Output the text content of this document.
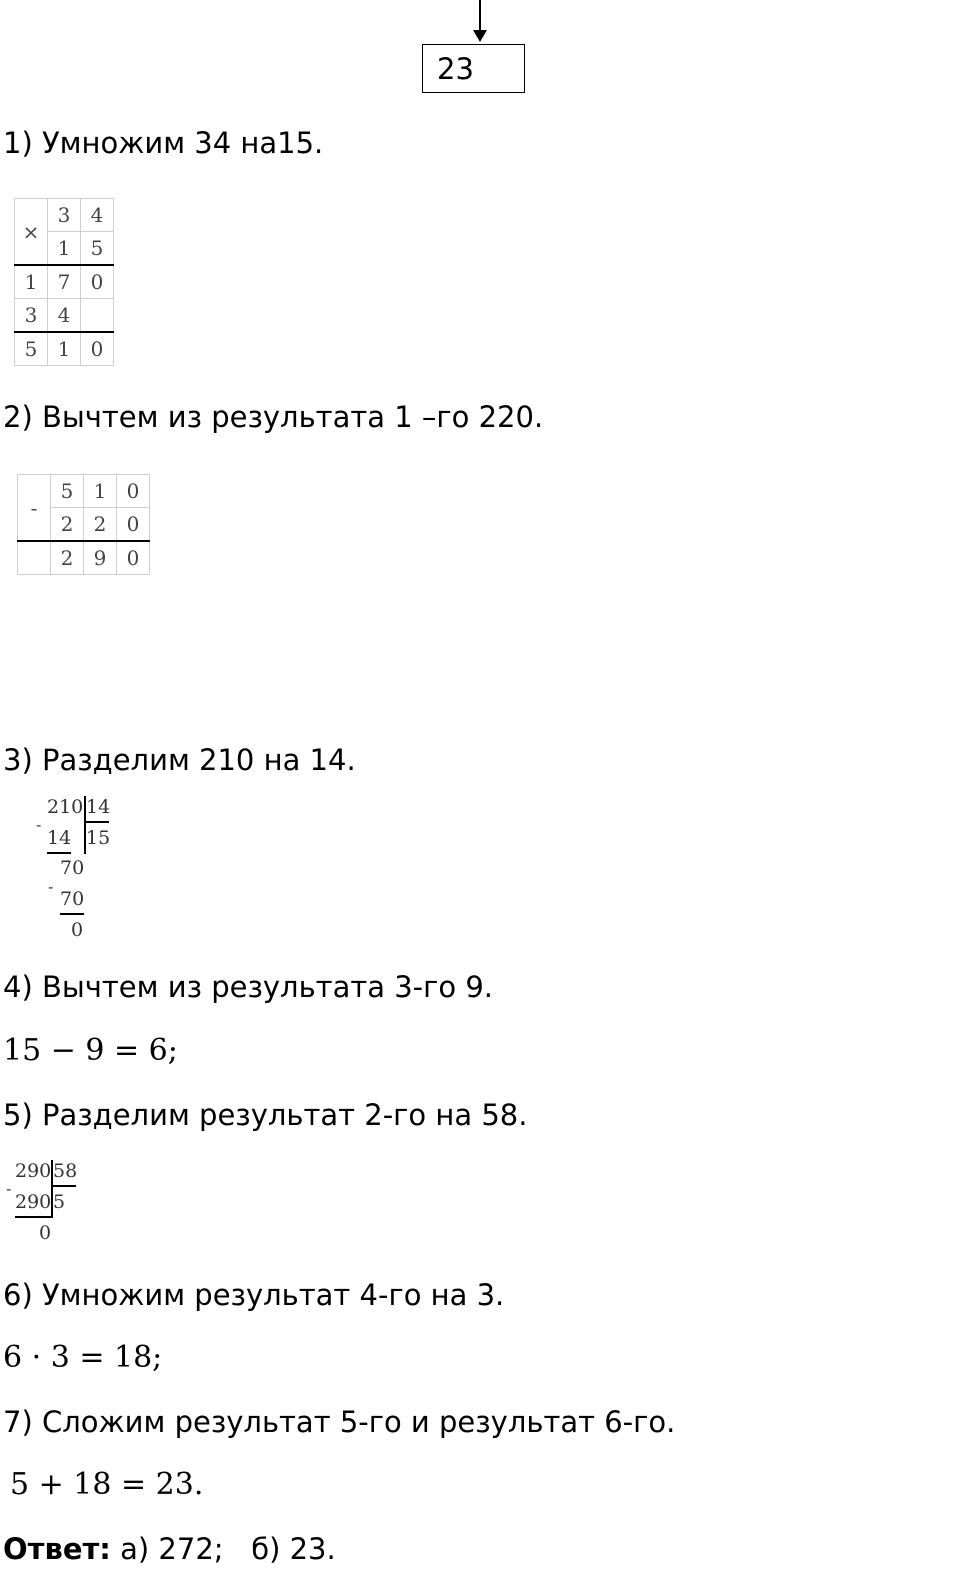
23
1) Умножим 34 на15.
×	3	4
	1	5
1	7	0
3	4	
5	1	0
2) Вычтем из результата 1 –го 220.
-	5	1	0
	2	2	0
	2	9	0
3) Разделим 210 на 14.
210 14
-
14 15
70
-
70
0
4) Вычтем из результата 3-го 9.
15 − 9 = 6;
5) Разделим результат 2-го на 58.
290 58
-
290 5
0
6) Умножим результат 4-го на 3.
6 · 3 = 18;
7) Сложим результат 5-го и результат 6-го.
5 + 18 = 23.
Ответ: а) 272;   б) 23.
